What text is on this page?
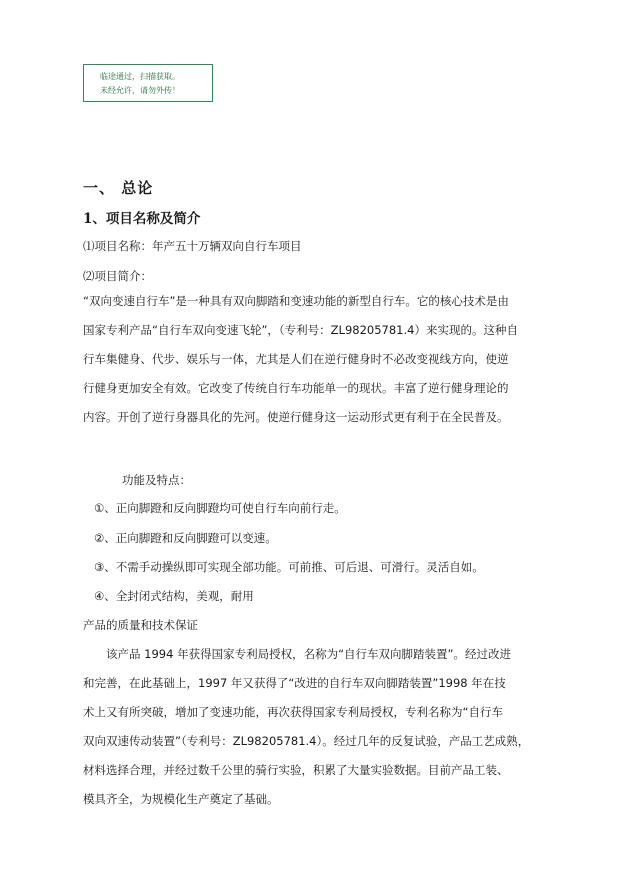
临途通过，扫描获取。
未经允许，请勿外传！
一、 总论
1、项目名称及简介
⑴项目名称：年产五十万辆双向自行车项目
⑵项目简介：
“双向变速自行车”是一种具有双向脚踏和变速功能的新型自行车。它的核心技术是由
国家专利产品“自行车双向变速飞轮”，（专利号：ZL98205781.4）来实现的。这种自
行车集健身、代步、娱乐与一体，尤其是人们在逆行健身时不必改变视线方向，使逆
行健身更加安全有效。它改变了传统自行车功能单一的现状。丰富了逆行健身理论的
内容。开创了逆行身器具化的先河。使逆行健身这一运动形式更有利于在全民普及。
功能及特点：
①、正向脚蹬和反向脚蹬均可使自行车向前行走。
②、正向脚蹬和反向脚蹬可以变速。
③、不需手动操纵即可实现全部功能。可前推、可后退、可滑行。灵活自如。
④、全封闭式结构，美观，耐用
产品的质量和技术保证
该产品 1994 年获得国家专利局授权，名称为“自行车双向脚踏装置”。经过改进
和完善，在此基础上，1997 年又获得了“改进的自行车双向脚踏装置”1998 年在技
术上又有所突破，增加了变速功能，再次获得国家专利局授权，专利名称为“自行车
双向双速传动装置”（专利号：ZL98205781.4）。经过几年的反复试验，产品工艺成熟，
材料选择合理，并经过数千公里的骑行实验，积累了大量实验数据。目前产品工装、
模具齐全，为规模化生产奠定了基础。
